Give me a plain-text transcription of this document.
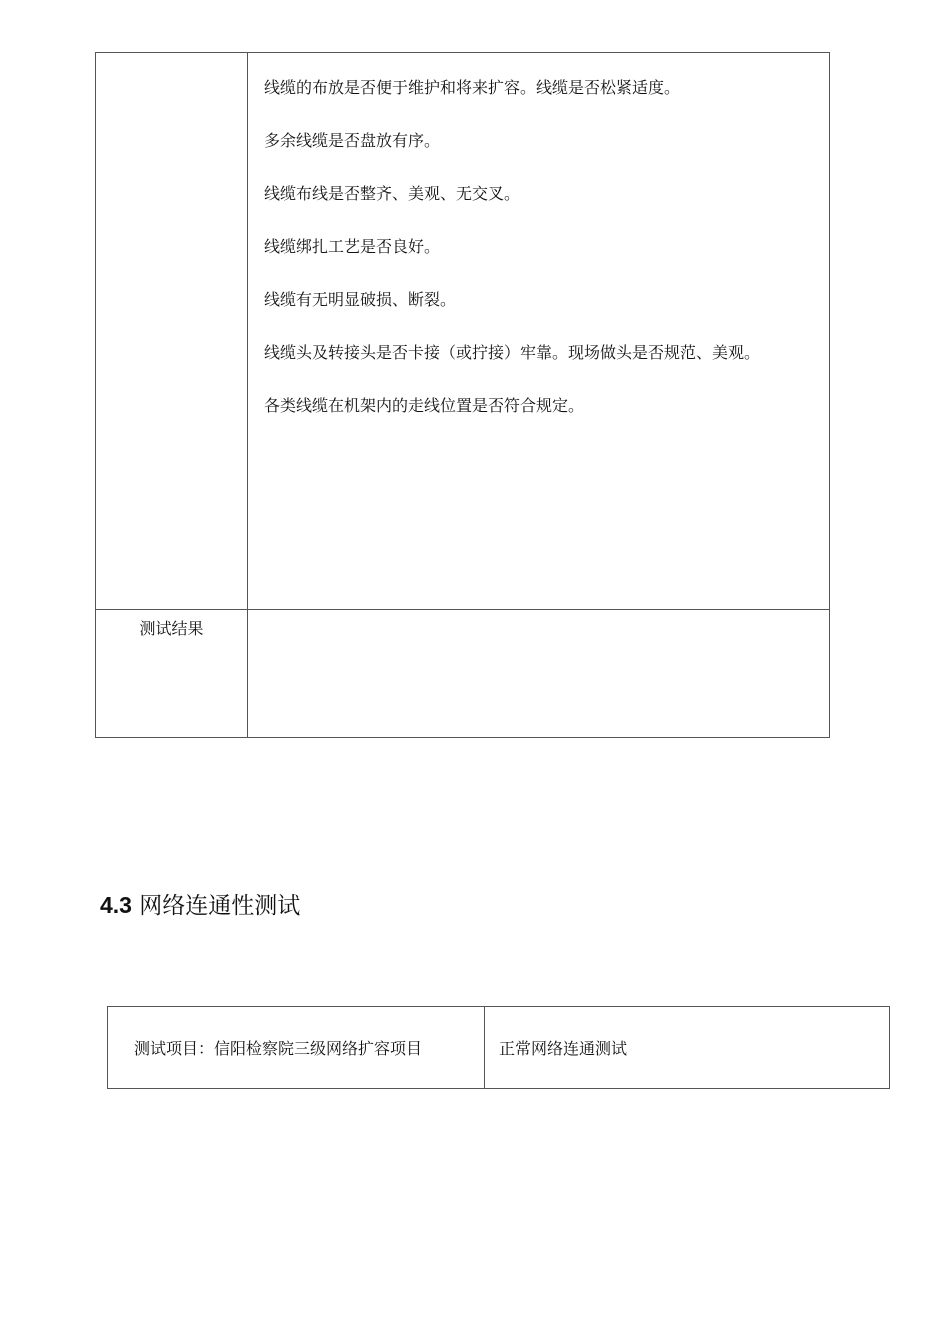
线缆的布放是否便于维护和将来扩容。线缆是否松紧适度。
多余线缆是否盘放有序。
线缆布线是否整齐、美观、无交叉。
线缆绑扎工艺是否良好。
线缆有无明显破损、断裂。
线缆头及转接头是否卡接（或拧接）牢靠。现场做头是否规范、美观。
各类线缆在机架内的走线位置是否符合规定。
测试结果
4.3 网络连通性测试
测试项目：信阳检察院三级网络扩容项目	正常网络连通测试
